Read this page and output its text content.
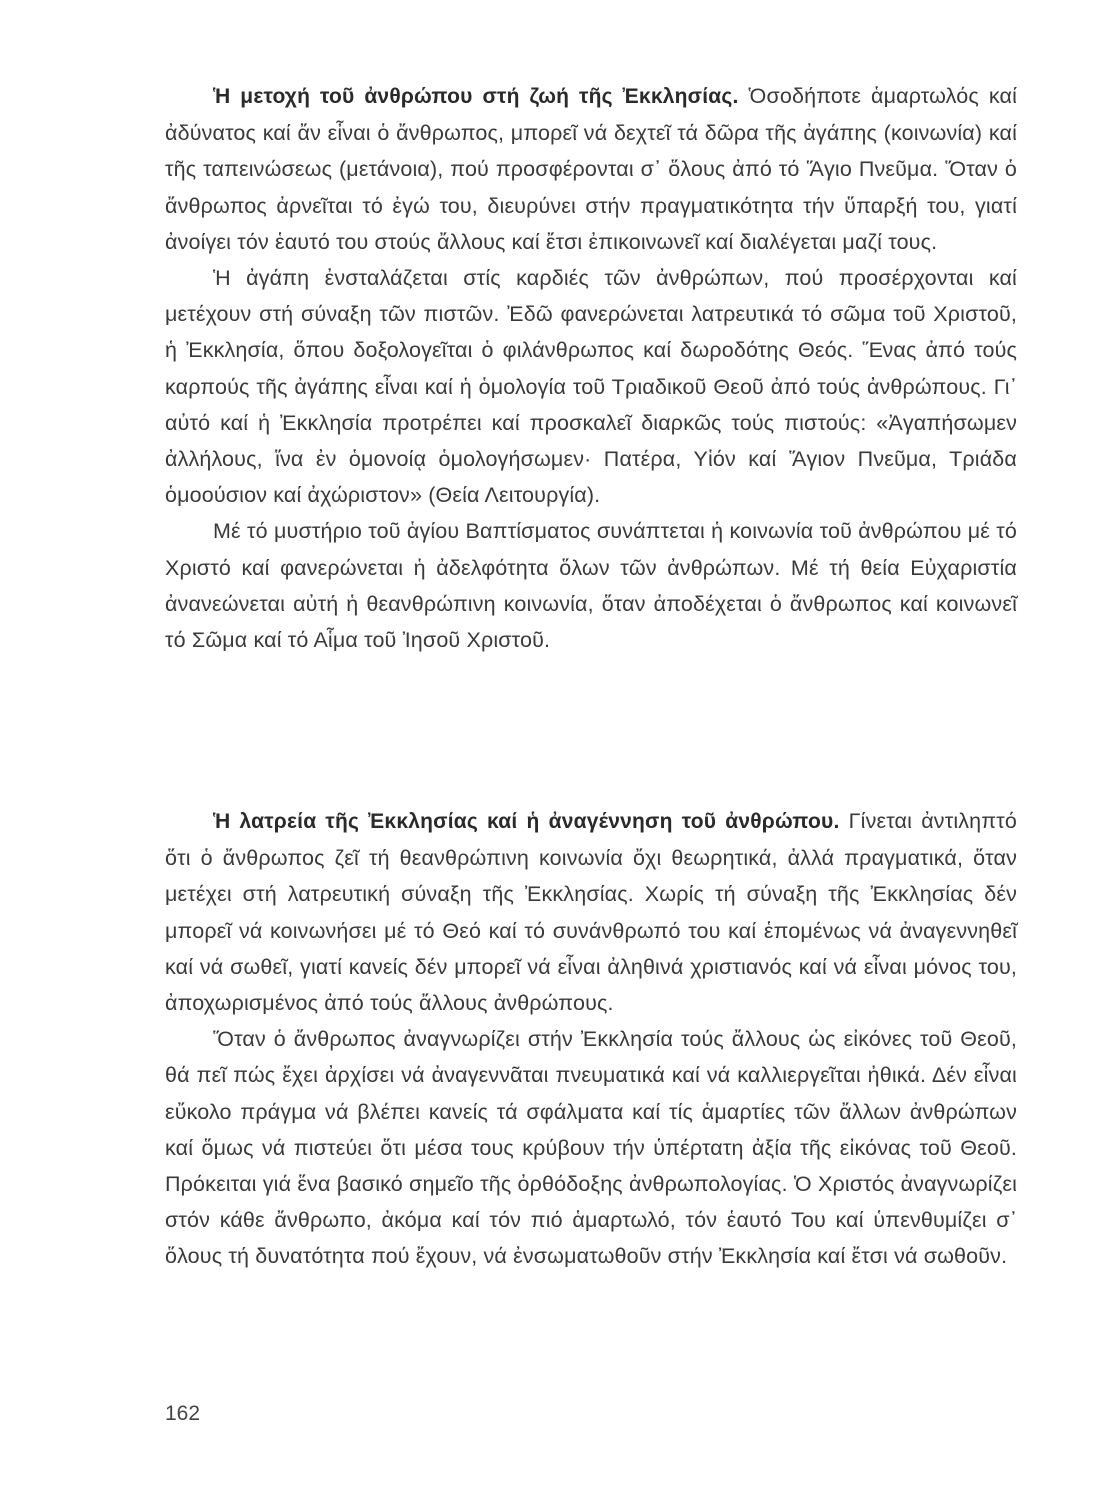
Ἡ μετοχή τοῦ ἀνθρώπου στή ζωή τῆς Ἐκκλησίας. Ὁσοδήποτε ἁμαρτωλός καί ἀδύνατος καί ἄν εἶναι ὁ ἄνθρωπος, μπορεῖ νά δεχτεῖ τά δῶρα τῆς ἀγάπης (κοινωνία) καί τῆς ταπεινώσεως (μετάνοια), πού προσφέρονται σ᾽ ὅλους ἀπό τό Ἅγιο Πνεῦμα. Ὅταν ὁ ἄνθρωπος ἀρνεῖται τό ἐγώ του, διευρύνει στήν πραγματικότητα τήν ὕπαρξή του, γιατί ἀνοίγει τόν ἑαυτό του στούς ἄλλους καί ἔτσι ἐπικοινωνεῖ καί διαλέγεται μαζί τους.

Ἡ ἀγάπη ἐνσταλάζεται στίς καρδιές τῶν ἀνθρώπων, πού προσέρχονται καί μετέχουν στή σύναξη τῶν πιστῶν. Ἐδῶ φανερώνεται λατρευτικά τό σῶμα τοῦ Χριστοῦ, ἡ Ἐκκλησία, ὅπου δοξολογεῖται ὁ φιλάνθρωπος καί δωροδότης Θεός. Ἕνας ἀπό τούς καρπούς τῆς ἀγάπης εἶναι καί ἡ ὁμολογία τοῦ Τριαδικοῦ Θεοῦ ἀπό τούς ἀνθρώπους. Γι᾽ αὐτό καί ἡ Ἐκκλησία προτρέπει καί προσκαλεῖ διαρκῶς τούς πιστούς: «Ἀγαπήσωμεν ἀλλήλους, ἵνα ἐν ὁμονοίᾳ ὁμολογήσωμεν· Πατέρα, Υἱόν καί Ἅγιον Πνεῦμα, Τριάδα ὁμοούσιον καί ἀχώριστον» (Θεία Λειτουργία).

Μέ τό μυστήριο τοῦ ἁγίου Βαπτίσματος συνάπτεται ἡ κοινωνία τοῦ ἀνθρώπου μέ τό Χριστό καί φανερώνεται ἡ ἀδελφότητα ὅλων τῶν ἀνθρώπων. Μέ τή θεία Εὐχαριστία ἀνανεώνεται αὐτή ἡ θεανθρώπινη κοινωνία, ὅταν ἀποδέχεται ὁ ἄνθρωπος καί κοινωνεῖ τό Σῶμα καί τό Αἷμα τοῦ Ἰησοῦ Χριστοῦ.

Ἡ λατρεία τῆς Ἐκκλησίας καί ἡ ἀναγέννηση τοῦ ἀνθρώπου. Γίνεται ἀντιληπτό ὅτι ὁ ἄνθρωπος ζεῖ τή θεανθρώπινη κοινωνία ὄχι θεωρητικά, ἀλλά πραγματικά, ὅταν μετέχει στή λατρευτική σύναξη τῆς Ἐκκλησίας. Χωρίς τή σύναξη τῆς Ἐκκλησίας δέν μπορεῖ νά κοινωνήσει μέ τό Θεό καί τό συνάνθρωπό του καί ἑπομένως νά ἀναγεννηθεῖ καί νά σωθεῖ, γιατί κανείς δέν μπορεῖ νά εἶναι ἀληθινά χριστιανός καί νά εἶναι μόνος του, ἀποχωρισμένος ἀπό τούς ἄλλους ἀνθρώπους.

Ὅταν ὁ ἄνθρωπος ἀναγνωρίζει στήν Ἐκκλησία τούς ἄλλους ὡς εἰκόνες τοῦ Θεοῦ, θά πεῖ πώς ἔχει ἀρχίσει νά ἀναγεννᾶται πνευματικά καί νά καλλιεργεῖται ἠθικά. Δέν εἶναι εὔκολο πράγμα νά βλέπει κανείς τά σφάλματα καί τίς ἁμαρτίες τῶν ἄλλων ἀνθρώπων καί ὅμως νά πιστεύει ὅτι μέσα τους κρύβουν τήν ὑπέρτατη ἀξία τῆς εἰκόνας τοῦ Θεοῦ. Πρόκειται γιά ἕνα βασικό σημεῖο τῆς ὀρθόδοξης ἀνθρωπολογίας. Ὁ Χριστός ἀναγνωρίζει στόν κάθε ἄνθρωπο, ἀκόμα καί τόν πιό ἁμαρτωλό, τόν ἑαυτό Του καί ὑπενθυμίζει σ᾽ ὅλους τή δυνατότητα πού ἔχουν, νά ἐνσωματωθοῦν στήν Ἐκκλησία καί ἔτσι νά σωθοῦν.

162
